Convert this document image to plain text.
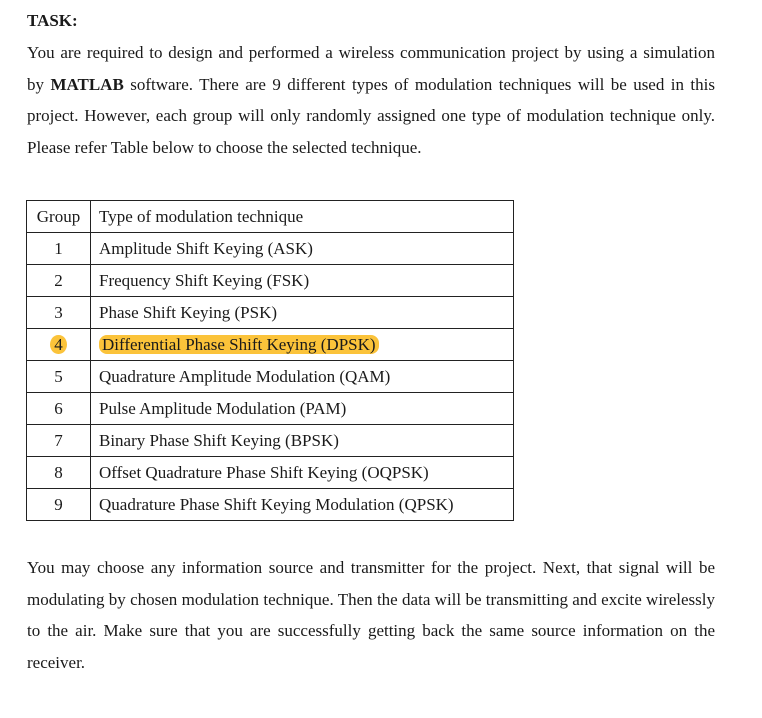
TASK:

You are required to design and performed a wireless communication project by using a simulation by MATLAB software. There are 9 different types of modulation techniques will be used in this project. However, each group will only randomly assigned one type of modulation technique only. Please refer Table below to choose the selected technique.

Group	Type of modulation technique
1	Amplitude Shift Keying (ASK)
2	Frequency Shift Keying (FSK)
3	Phase Shift Keying (PSK)
4	Differential Phase Shift Keying (DPSK)
5	Quadrature Amplitude Modulation (QAM)
6	Pulse Amplitude Modulation (PAM)
7	Binary Phase Shift Keying (BPSK)
8	Offset Quadrature Phase Shift Keying (OQPSK)
9	Quadrature Phase Shift Keying Modulation (QPSK)

You may choose any information source and transmitter for the project. Next, that signal will be modulating by chosen modulation technique. Then the data will be transmitting and excite wirelessly to the air. Make sure that you are successfully getting back the same source information on the receiver.
